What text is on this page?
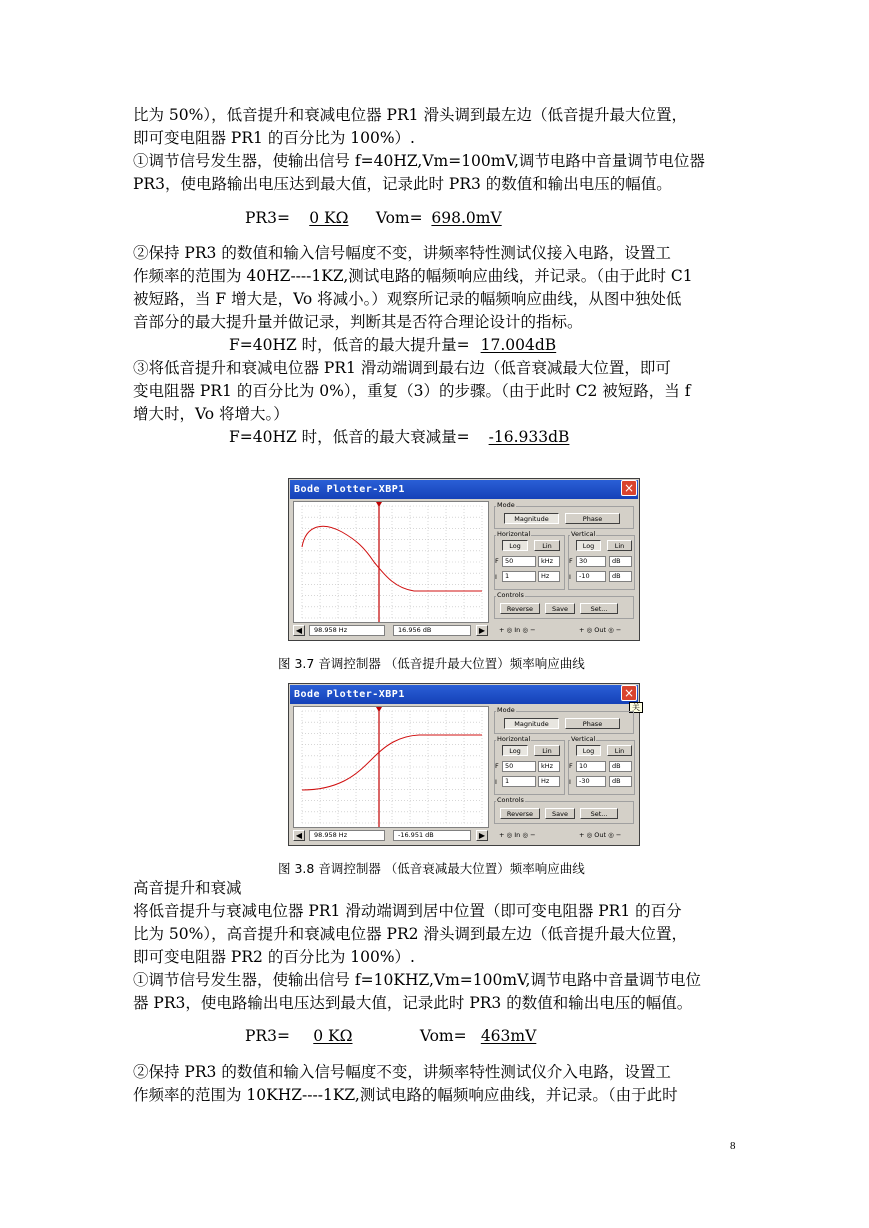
比为 50%），低音提升和衰减电位器 PR1 滑头调到最左边（低音提升最大位置，
即可变电阻器 PR1 的百分比为 100%）.
①调节信号发生器，使输出信号 f=40HZ,Vm=100mV,调节电路中音量调节电位器
PR3，使电路输出电压达到最大值，记录此时 PR3 的数值和输出电压的幅值。
PR3= 0 KΩ Vom= 698.0mV
②保持 PR3 的数值和输入信号幅度不变，讲频率特性测试仪接入电路，设置工
作频率的范围为 40HZ----1KZ,测试电路的幅频响应曲线，并记录。（由于此时 C1
被短路，当 F 增大是，Vo 将减小。）观察所记录的幅频响应曲线，从图中独处低
音部分的最大提升量并做记录，判断其是否符合理论设计的指标。
F=40HZ 时，低音的最大提升量= 17.004dB
③将低音提升和衰减电位器 PR1 滑动端调到最右边（低音衰减最大位置，即可
变电阻器 PR1 的百分比为 0%），重复（3）的步骤。（由于此时 C2 被短路，当 f
增大时，Vo 将增大。）
F=40HZ 时，低音的最大衰减量= -16.933dB
Bode Plotter-XBP1	×
Mode
Magnitude	Phase
Horizontal
Log	Lin
F 50	kHz
I	1	Hz
Vertical
Log	Lin
F 30	dB
I	-10	dB
Controls
Reverse	Save	Set...
◀	98.958 Hz	16.956 dB	▶	+ ◎ In ◎ −	+ ◎ Out ◎ −
Bode Plotter-XBP1	×
关
Mode
Magnitude	Phase
Horizontal
Log	Lin
F 50	kHz
I	1	Hz
Vertical
Log	Lin
F 10	dB
I	-30	dB
Controls
Reverse	Save	Set...
◀	98.958 Hz	-16.951 dB	▶	+ ◎ In ◎ −	+ ◎ Out ◎ −
图 3.7 音调控制器 （低音提升最大位置）频率响应曲线
图 3.8 音调控制器 （低音衰减最大位置）频率响应曲线
高音提升和衰减
将低音提升与衰减电位器 PR1 滑动端调到居中位置（即可变电阻器 PR1 的百分
比为 50%），高音提升和衰减电位器 PR2 滑头调到最左边（低音提升最大位置，
即可变电阻器 PR2 的百分比为 100%）.
①调节信号发生器，使输出信号 f=10KHZ,Vm=100mV,调节电路中音量调节电位
器 PR3，使电路输出电压达到最大值，记录此时 PR3 的数值和输出电压的幅值。
PR3= 0 KΩ	Vom= 463mV
②保持 PR3 的数值和输入信号幅度不变，讲频率特性测试仪介入电路，设置工
作频率的范围为 10KHZ----1KZ,测试电路的幅频响应曲线，并记录。（由于此时
8
